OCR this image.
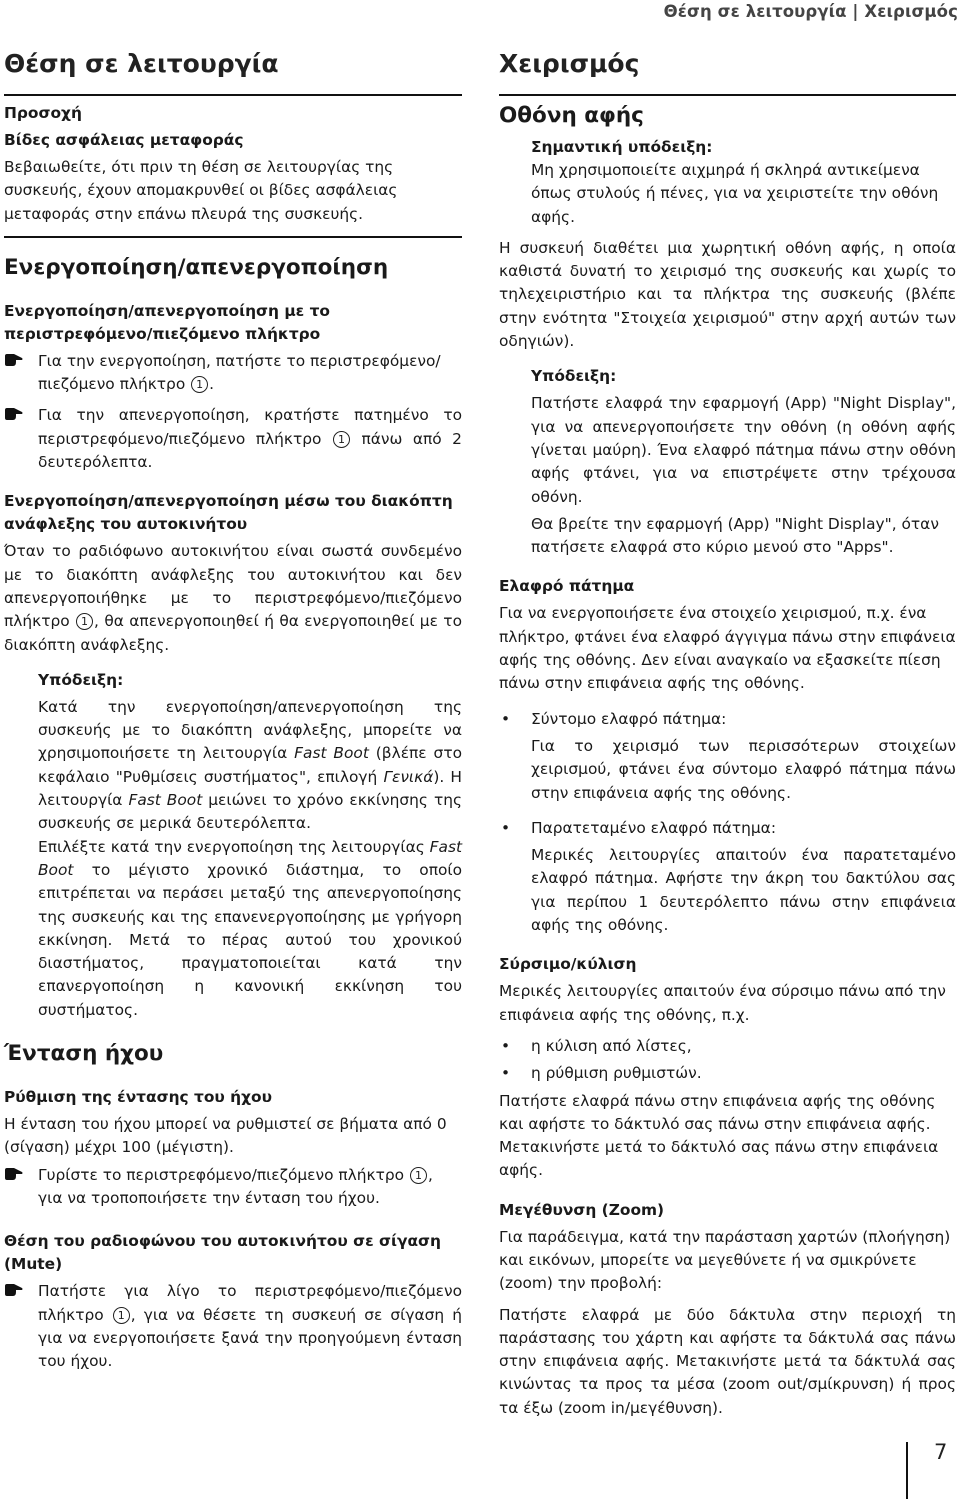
Θέση σε λειτουργία | Χειρισμός
Θέση σε λειτουργία
Προσοχή
Βίδες ασφάλειας μεταφοράς

Βεβαιωθείτε, ότι πριν τη θέση σε λειτουργίας της συσκευής, έχουν απομακρυνθεί οι βίδες ασφάλειας μεταφοράς στην επάνω πλευρά της συσκευής.

Ενεργοποίηση/απενεργοποίηση
Ενεργοποίηση/απενεργοποίηση με το περιστρεφόμενο/πιεζόμενο πλήκτρο
Για την ενεργοποίηση, πατήστε το περιστρεφόμενο/πιεζόμενο πλήκτρο 1 .
Για την απενεργοποίηση, κρατήστε πατημένο το περιστρεφόμενο/πιεζόμενο πλήκτρο 1 πάνω από 2 δευτερόλεπτα.
Ενεργοποίηση/απενεργοποίηση μέσω του διακόπτη ανάφλεξης του αυτοκινήτου

Όταν το ραδιόφωνο αυτοκινήτου είναι σωστά συνδεμένο με το διακόπτη ανάφλεξης του αυτοκινήτου και δεν απενεργοποιήθηκε με το περιστρεφόμενο/πιεζόμενο πλήκτρο 1 , θα απενεργοποιηθεί ή θα ενεργοποιηθεί με το διακόπτη ανάφλεξης.

Υπόδειξη:

Κατά την ενεργοποίηση/απενεργοποίηση της συσκευής με το διακόπτη ανάφλεξης, μπορείτε να χρησιμοποιήσετε τη λειτουργία Fast Boot (βλέπε στο κεφάλαιο "Ρυθμίσεις συστήματος", επιλογή Γενικά). Η λειτουργία Fast Boot μειώνει το χρόνο εκκίνησης της συσκευής σε μερικά δευτερόλεπτα.

Επιλέξτε κατά την ενεργοποίηση της λειτουργίας Fast Boot το μέγιστο χρονικό διάστημα, το οποίο επιτρέπεται να περάσει μεταξύ της απενεργοποίησης της συσκευής και της επανενεργοποίησης με γρήγορη εκκίνηση. Μετά το πέρας αυτού του χρονικού διαστήματος, πραγματοποιείται κατά την επανεργοποίηση η κανονική εκκίνηση του συστήματος.

Ένταση ήχου
Ρύθμιση της έντασης του ήχου

Η ένταση του ήχου μπορεί να ρυθμιστεί σε βήματα από 0 (σίγαση) μέχρι 100 (μέγιστη).

Γυρίστε το περιστρεφόμενο/πιεζόμενο πλήκτρο 1 , για να τροποποιήσετε την ένταση του ήχου.
Θέση του ραδιοφώνου του αυτοκινήτου σε σίγαση (Mute)
Πατήστε για λίγο το περιστρεφόμενο/πιεζόμενο πλήκτρο 1 , για να θέσετε τη συσκευή σε σίγαση ή για να ενεργοποιήσετε ξανά την προηγούμενη ένταση του ήχου.
Χειρισμός
Οθόνη αφής
Σημαντική υπόδειξη:

Μη χρησιμοποιείτε αιχμηρά ή σκληρά αντικείμενα όπως στυλούς ή πένες, για να χειριστείτε την οθόνη αφής.

Η συσκευή διαθέτει μια χωρητική οθόνη αφής, η οποία καθιστά δυνατή το χειρισμό της συσκευής και χωρίς το τηλεχειριστήριο και τα πλήκτρα της συσκευής (βλέπε στην ενότητα "Στοιχεία χειρισμού" στην αρχή αυτών των οδηγιών).

Υπόδειξη:

Πατήστε ελαφρά την εφαρμογή (App) "Night Display", για να απενεργοποιήσετε την οθόνη (η οθόνη αφής γίνεται μαύρη). Ένα ελαφρό πάτημα πάνω στην οθόνη αφής φτάνει, για να επιστρέψετε στην τρέχουσα οθόνη.

Θα βρείτε την εφαρμογή (App) "Night Display", όταν πατήσετε ελαφρά στο κύριο μενού στο "Apps".

Ελαφρό πάτημα

Για να ενεργοποιήσετε ένα στοιχείο χειρισμού, π.χ. ένα πλήκτρο, φτάνει ένα ελαφρό άγγιγμα πάνω στην επιφάνεια αφής της οθόνης. Δεν είναι αναγκαίο να εξασκείτε πίεση πάνω στην επιφάνεια αφής της οθόνης.

• Σύντομο ελαφρό πάτημα:

Για το χειρισμό των περισσότερων στοιχείων χειρισμού, φτάνει ένα σύντομο ελαφρό πάτημα πάνω στην επιφάνεια αφής της οθόνης.

• Παρατεταμένο ελαφρό πάτημα:

Μερικές λειτουργίες απαιτούν ένα παρατεταμένο ελαφρό πάτημα. Αφήστε την άκρη του δακτύλου σας για περίπου 1 δευτερόλεπτο πάνω στην επιφάνεια αφής της οθόνης.

Σύρσιμο/κύλιση

Μερικές λειτουργίες απαιτούν ένα σύρσιμο πάνω από την επιφάνεια αφής της οθόνης, π.χ.

• η κύλιση από λίστες,
• η ρύθμιση ρυθμιστών.

Πατήστε ελαφρά πάνω στην επιφάνεια αφής της οθόνης και αφήστε το δάκτυλό σας πάνω στην επιφάνεια αφής. Μετακινήστε μετά το δάκτυλό σας πάνω στην επιφάνεια αφής.

Μεγέθυνση (Zoom)

Για παράδειγμα, κατά την παράσταση χαρτών (πλοήγηση) και εικόνων, μπορείτε να μεγεθύνετε ή να σμικρύνετε (zoom) την προβολή:

Πατήστε ελαφρά με δύο δάκτυλα στην περιοχή τη παράστασης του χάρτη και αφήστε τα δάκτυλά σας πάνω στην επιφάνεια αφής. Μετακινήστε μετά τα δάκτυλά σας κινώντας τα προς τα μέσα (zoom out/σμίκρυνση) ή προς τα έξω (zoom in/μεγέθυνση).

7
